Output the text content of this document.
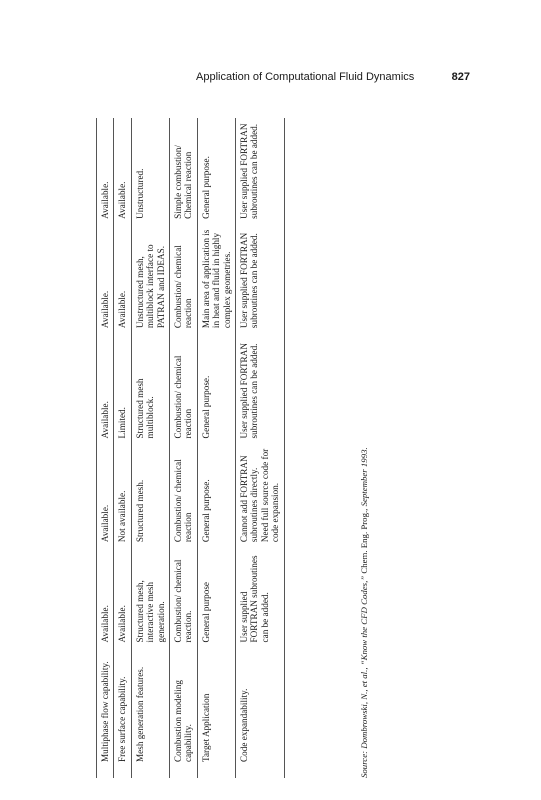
Application of Computational Fluid Dynamics	827
Multiphase flow capability.	Available.	Available.	Available.	Available.	Available.
Free surface capability.	Available.	Not available.	Limited.	Available.	Available.
Mesh generation features.	Structured mesh, interactive mesh generation.	Structured mesh.	Structured mesh multiblock.	Unstructured mesh, multiblock interface to PATRAN and IDEAS.	Unstructured.
Combustion modeling capability.	Combustion/ chemical reaction.	Combustion/ chemical reaction	Combustion/ chemical reaction	Combustion/ chemical reaction	Simple combustion/ Chemical reaction
Target Application	General purpose	General purpose.	General purpose.	Main area of application is in heat and fluid in highly complex geometries.	General purpose.
Code expandability.	User supplied FORTRAN subroutines can be added.	Cannot add FORTRAN subroutines directly. Need full source code for code expansion.	User supplied FORTRAN subroutines can be added.	User supplied FORTRAN subroutines can be added.	User supplied FORTRAN subroutines can be added.
Source: Dombrowski, N., et al., “Know the CFD Codes,” Chem. Eng. Prog., September 1993.
